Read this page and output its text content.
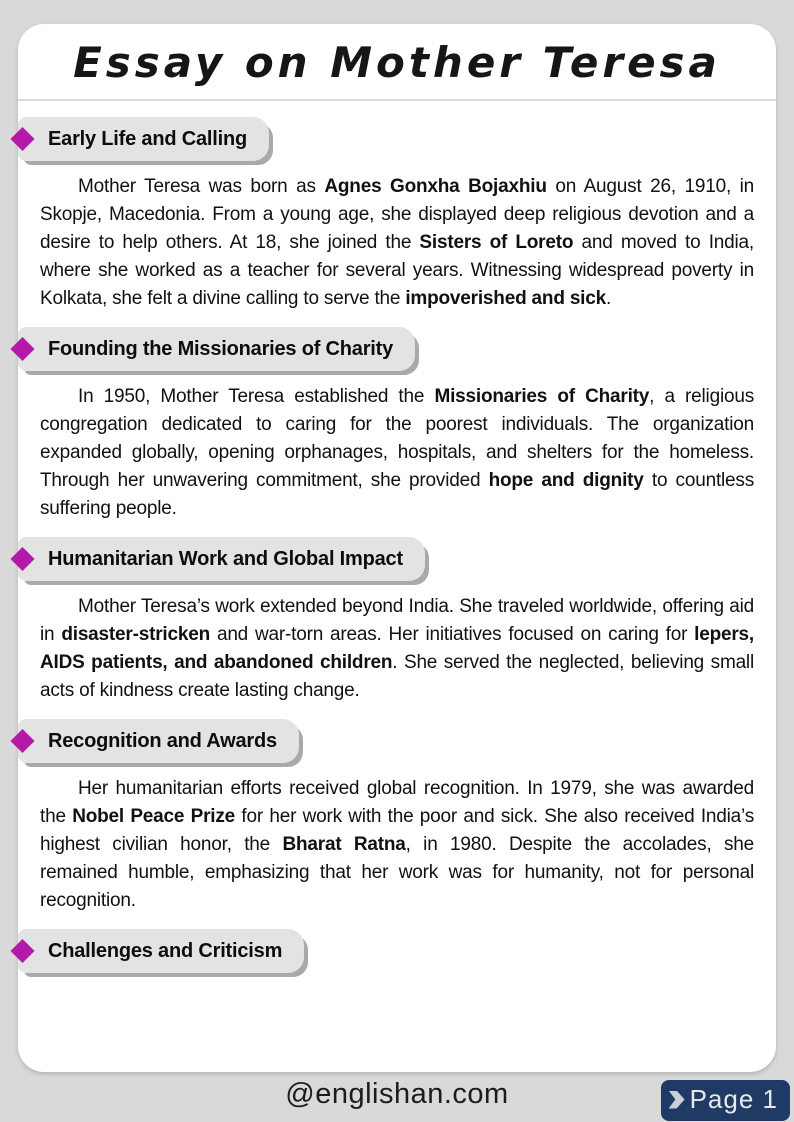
Essay on Mother Teresa
Early Life and Calling

Mother Teresa was born as Agnes Gonxha Bojaxhiu on August 26, 1910, in Skopje, Macedonia. From a young age, she displayed deep religious devotion and a desire to help others. At 18, she joined the Sisters of Loreto and moved to India, where she worked as a teacher for several years. Witnessing widespread poverty in Kolkata, she felt a divine calling to serve the impoverished and sick.

Founding the Missionaries of Charity

In 1950, Mother Teresa established the Missionaries of Charity, a religious congregation dedicated to caring for the poorest individuals. The organization expanded globally, opening orphanages, hospitals, and shelters for the homeless. Through her unwavering commitment, she provided hope and dignity to countless suffering people.

Humanitarian Work and Global Impact

Mother Teresa’s work extended beyond India. She traveled worldwide, offering aid in disaster-stricken and war-torn areas. Her initiatives focused on caring for lepers, AIDS patients, and abandoned children. She served the neglected, believing small acts of kindness create lasting change.

Recognition and Awards

Her humanitarian efforts received global recognition. In 1979, she was awarded the Nobel Peace Prize for her work with the poor and sick. She also received India’s highest civilian honor, the Bharat Ratna, in 1980. Despite the accolades, she remained humble, emphasizing that her work was for humanity, not for personal recognition.

Challenges and Criticism
@englishan.com	Page 1
